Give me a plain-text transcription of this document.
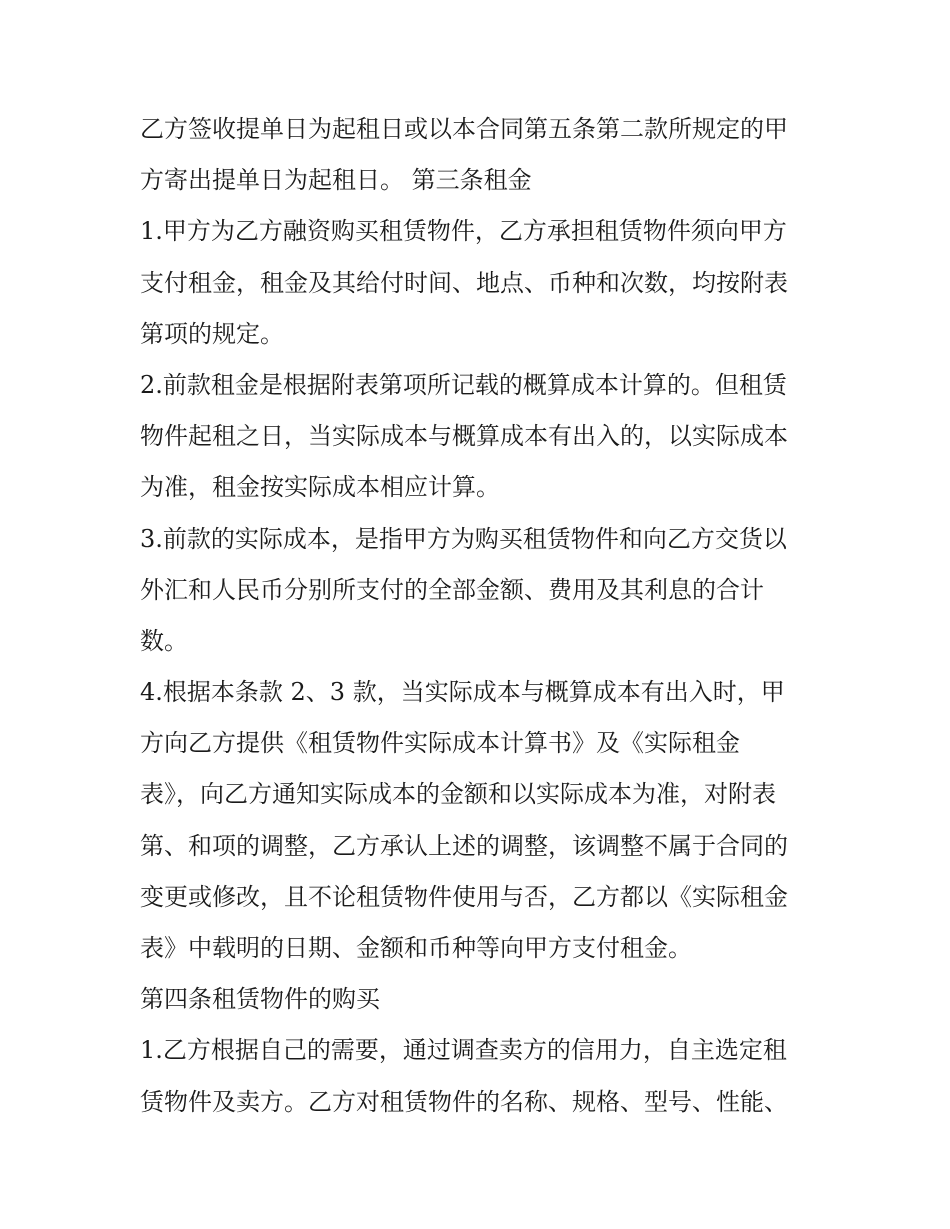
乙方签收提单日为起租日或以本合同第五条第二款所规定的甲
方寄出提单日为起租日。 第三条租金
1.甲方为乙方融资购买租赁物件，乙方承担租赁物件须向甲方
支付租金，租金及其给付时间、地点、币种和次数，均按附表
第项的规定。
2.前款租金是根据附表第项所记载的概算成本计算的。但租赁
物件起租之日，当实际成本与概算成本有出入的，以实际成本
为准，租金按实际成本相应计算。
3.前款的实际成本，是指甲方为购买租赁物件和向乙方交货以
外汇和人民币分别所支付的全部金额、费用及其利息的合计
数。
4.根据本条款 2、3 款，当实际成本与概算成本有出入时，甲
方向乙方提供《租赁物件实际成本计算书》及《实际租金
表》，向乙方通知实际成本的金额和以实际成本为准，对附表
第、和项的调整，乙方承认上述的调整，该调整不属于合同的
变更或修改，且不论租赁物件使用与否，乙方都以《实际租金
表》中载明的日期、金额和币种等向甲方支付租金。
第四条租赁物件的购买
1.乙方根据自己的需要，通过调查卖方的信用力，自主选定租
赁物件及卖方。乙方对租赁物件的名称、规格、型号、性能、
